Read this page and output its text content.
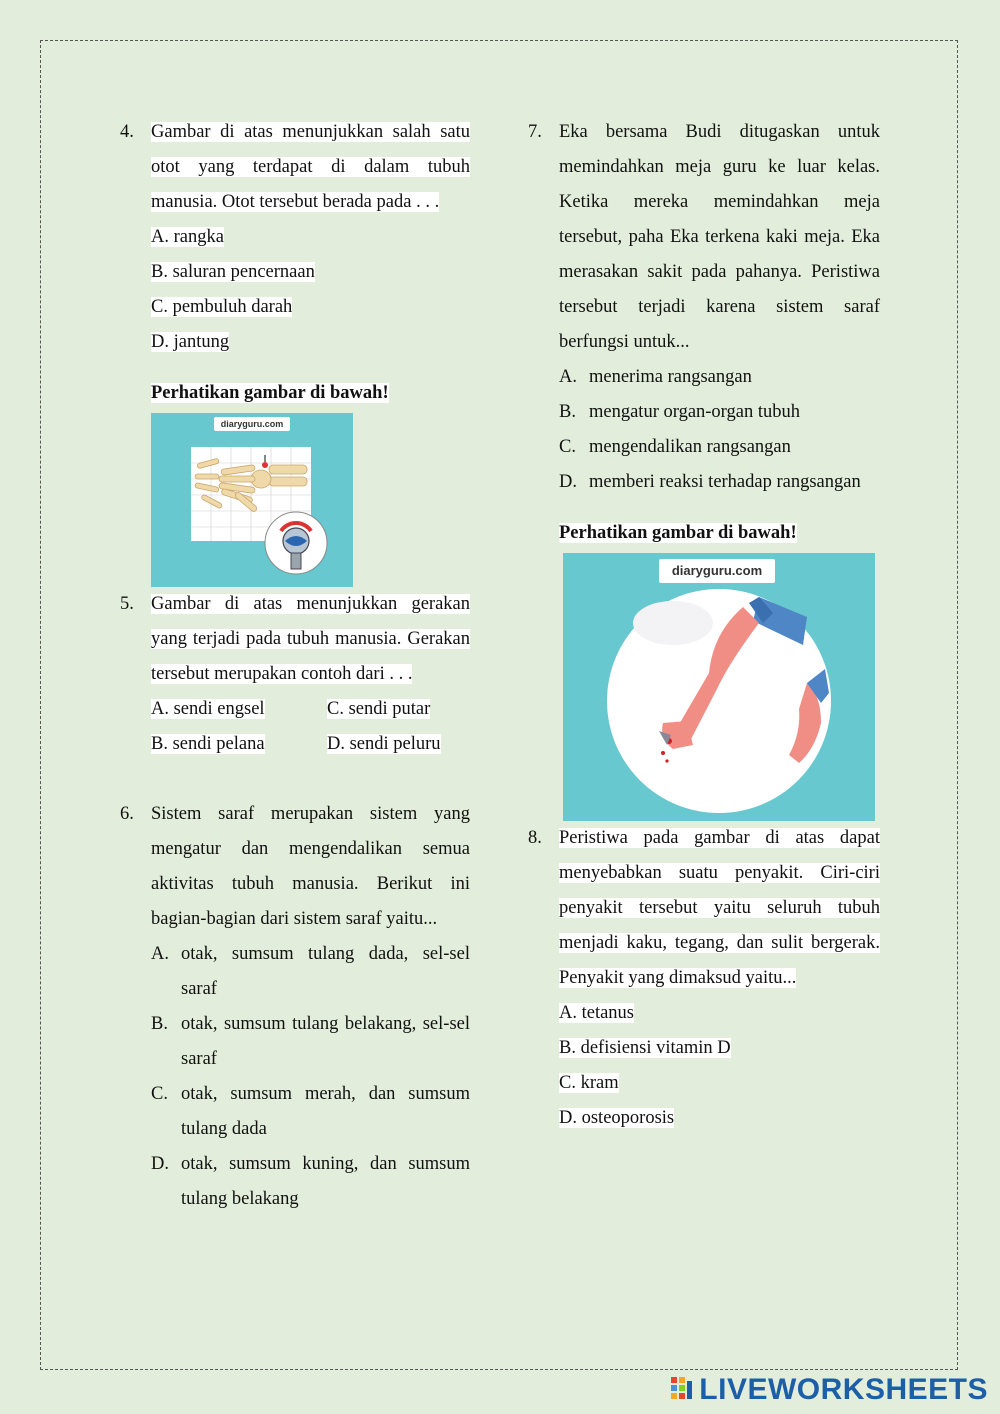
4. Gambar di atas menunjukkan salah satu otot yang terdapat di dalam tubuh manusia. Otot tersebut berada pada . . .
A. rangka
B. saluran pencernaan
C. pembuluh darah
D. jantung
Perhatikan gambar di bawah!
diaryguru.com
5. Gambar di atas menunjukkan gerakan yang terjadi pada tubuh manusia. Gerakan tersebut merupakan contoh dari . . .
A. sendi engsel	C. sendi putar
B. sendi pelana	D. sendi peluru
6. Sistem saraf merupakan sistem yang mengatur dan mengendalikan semua aktivitas tubuh manusia. Berikut ini bagian-bagian dari sistem saraf yaitu...
A. otak, sumsum tulang dada, sel-sel saraf
B. otak, sumsum tulang belakang, sel-sel saraf
C. otak, sumsum merah, dan sumsum tulang dada
D. otak, sumsum kuning, dan sumsum tulang belakang
7. Eka bersama Budi ditugaskan untuk memindahkan meja guru ke luar kelas. Ketika mereka memindahkan meja tersebut, paha Eka terkena kaki meja. Eka merasakan sakit pada pahanya. Peristiwa tersebut terjadi karena sistem saraf berfungsi untuk...
A. menerima rangsangan
B. mengatur organ-organ tubuh
C. mengendalikan rangsangan
D. memberi reaksi terhadap rangsangan
Perhatikan gambar di bawah!
diaryguru.com
8. Peristiwa pada gambar di atas dapat menyebabkan suatu penyakit. Ciri-ciri penyakit tersebut yaitu seluruh tubuh menjadi kaku, tegang, dan sulit bergerak. Penyakit yang dimaksud yaitu...
A. tetanus
B. defisiensi vitamin D
C. kram
D. osteoporosis
LIVEWORKSHEETS
